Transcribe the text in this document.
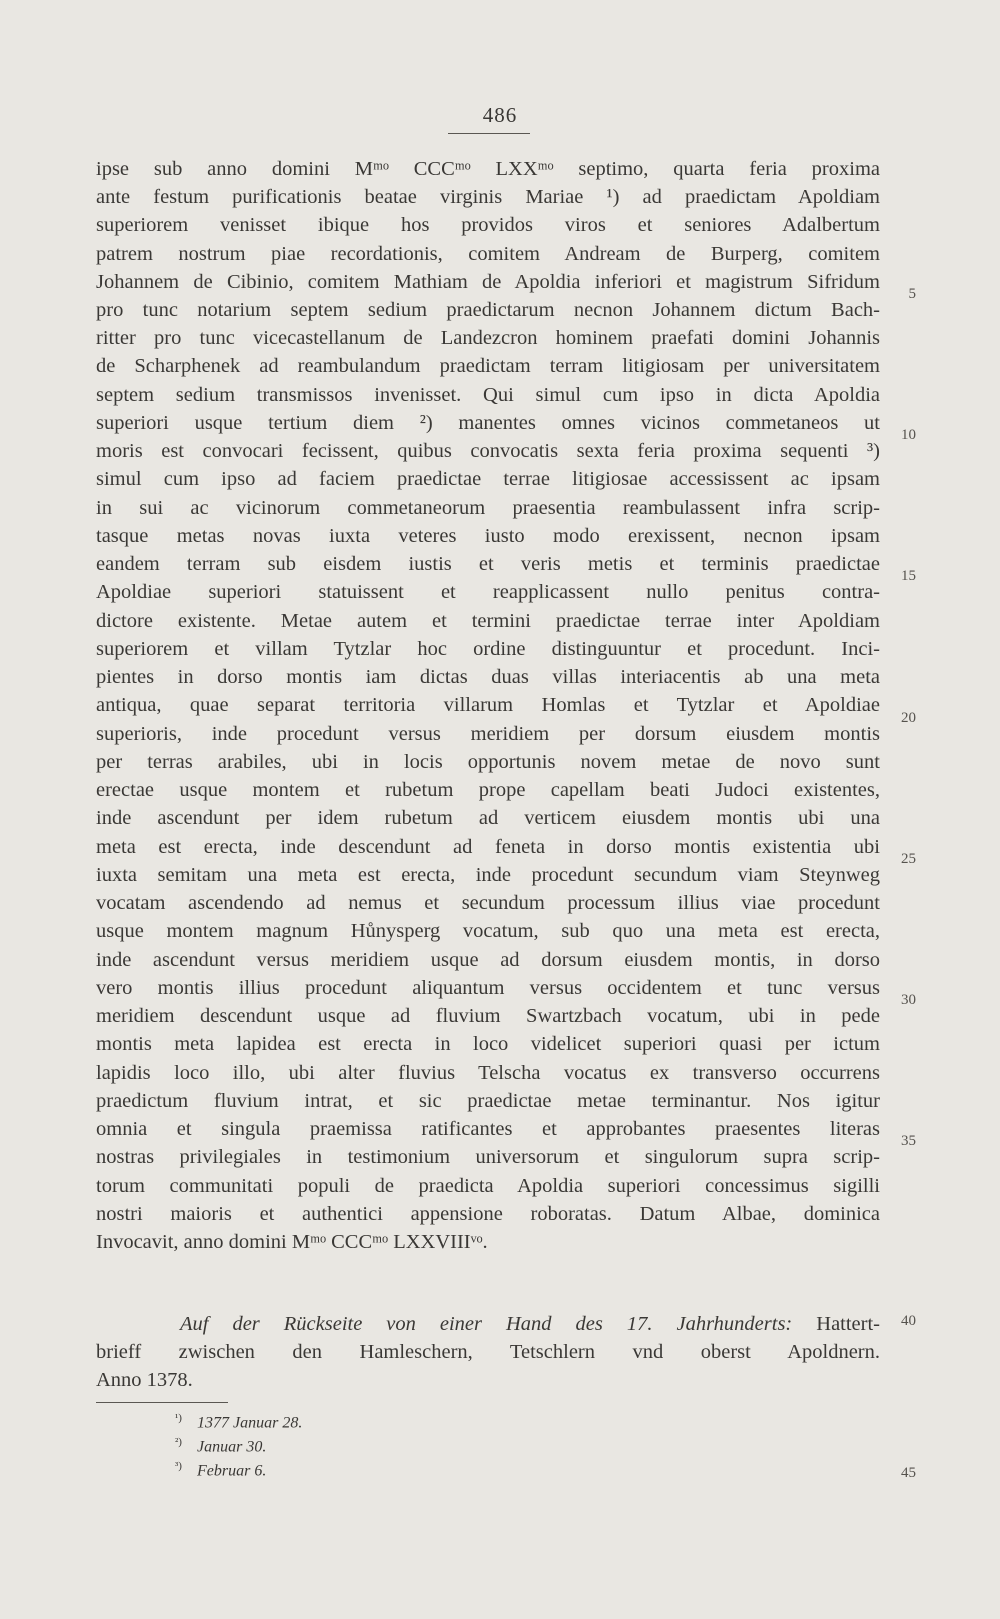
486
ipse sub anno domini Mᵐᵒ CCCᵐᵒ LXXᵐᵒ septimo, quarta feria proxima
ante festum purificationis beatae virginis Mariae ¹) ad praedictam Apoldiam
superiorem venisset ibique hos providos viros et seniores Adalbertum
patrem nostrum piae recordationis, comitem Andream de Burperg, comitem
Johannem de Cibinio, comitem Mathiam de Apoldia inferiori et magistrum Sifridum
pro tunc notarium septem sedium praedictarum necnon Johannem dictum Bach-
ritter pro tunc vicecastellanum de Landezcron hominem praefati domini Johannis
de Scharphenek ad reambulandum praedictam terram litigiosam per universitatem
septem sedium transmissos invenisset. Qui simul cum ipso in dicta Apoldia
superiori usque tertium diem ²) manentes omnes vicinos commetaneos ut
moris est convocari fecissent, quibus convocatis sexta feria proxima sequenti ³)
simul cum ipso ad faciem praedictae terrae litigiosae accessissent ac ipsam
in sui ac vicinorum commetaneorum praesentia reambulassent infra scrip-
tasque metas novas iuxta veteres iusto modo erexissent, necnon ipsam
eandem terram sub eisdem iustis et veris metis et terminis praedictae
Apoldiae superiori statuissent et reapplicassent nullo penitus contra-
dictore existente. Metae autem et termini praedictae terrae inter Apoldiam
superiorem et villam Tytzlar hoc ordine distinguuntur et procedunt. Inci-
pientes in dorso montis iam dictas duas villas interiacentis ab una meta
antiqua, quae separat territoria villarum Homlas et Tytzlar et Apoldiae
superioris, inde procedunt versus meridiem per dorsum eiusdem montis
per terras arabiles, ubi in locis opportunis novem metae de novo sunt
erectae usque montem et rubetum prope capellam beati Judoci existentes,
inde ascendunt per idem rubetum ad verticem eiusdem montis ubi una
meta est erecta, inde descendunt ad feneta in dorso montis existentia ubi
iuxta semitam una meta est erecta, inde procedunt secundum viam Steynweg
vocatam ascendendo ad nemus et secundum processum illius viae procedunt
usque montem magnum Hůnysperg vocatum, sub quo una meta est erecta,
inde ascendunt versus meridiem usque ad dorsum eiusdem montis, in dorso
vero montis illius procedunt aliquantum versus occidentem et tunc versus
meridiem descendunt usque ad fluvium Swartzbach vocatum, ubi in pede
montis meta lapidea est erecta in loco videlicet superiori quasi per ictum
lapidis loco illo, ubi alter fluvius Telscha vocatus ex transverso occurrens
praedictum fluvium intrat, et sic praedictae metae terminantur. Nos igitur
omnia et singula praemissa ratificantes et approbantes praesentes literas
nostras privilegiales in testimonium universorum et singulorum supra scrip-
torum communitati populi de praedicta Apoldia superiori concessimus sigilli
nostri maioris et authentici appensione roboratas. Datum Albae, dominica
Invocavit, anno domini Mᵐᵒ CCCᵐᵒ LXXVIIIᵛᵒ.
Auf der Rückseite von einer Hand des 17. Jahrhunderts: Hattert-
brieff zwischen den Hamleschern, Tetschlern vnd oberst Apoldnern.
Anno 1378.
5
10
15
20
25
30
35
40
45
¹) 1377 Januar 28.
²) Januar 30.
³) Februar 6.
